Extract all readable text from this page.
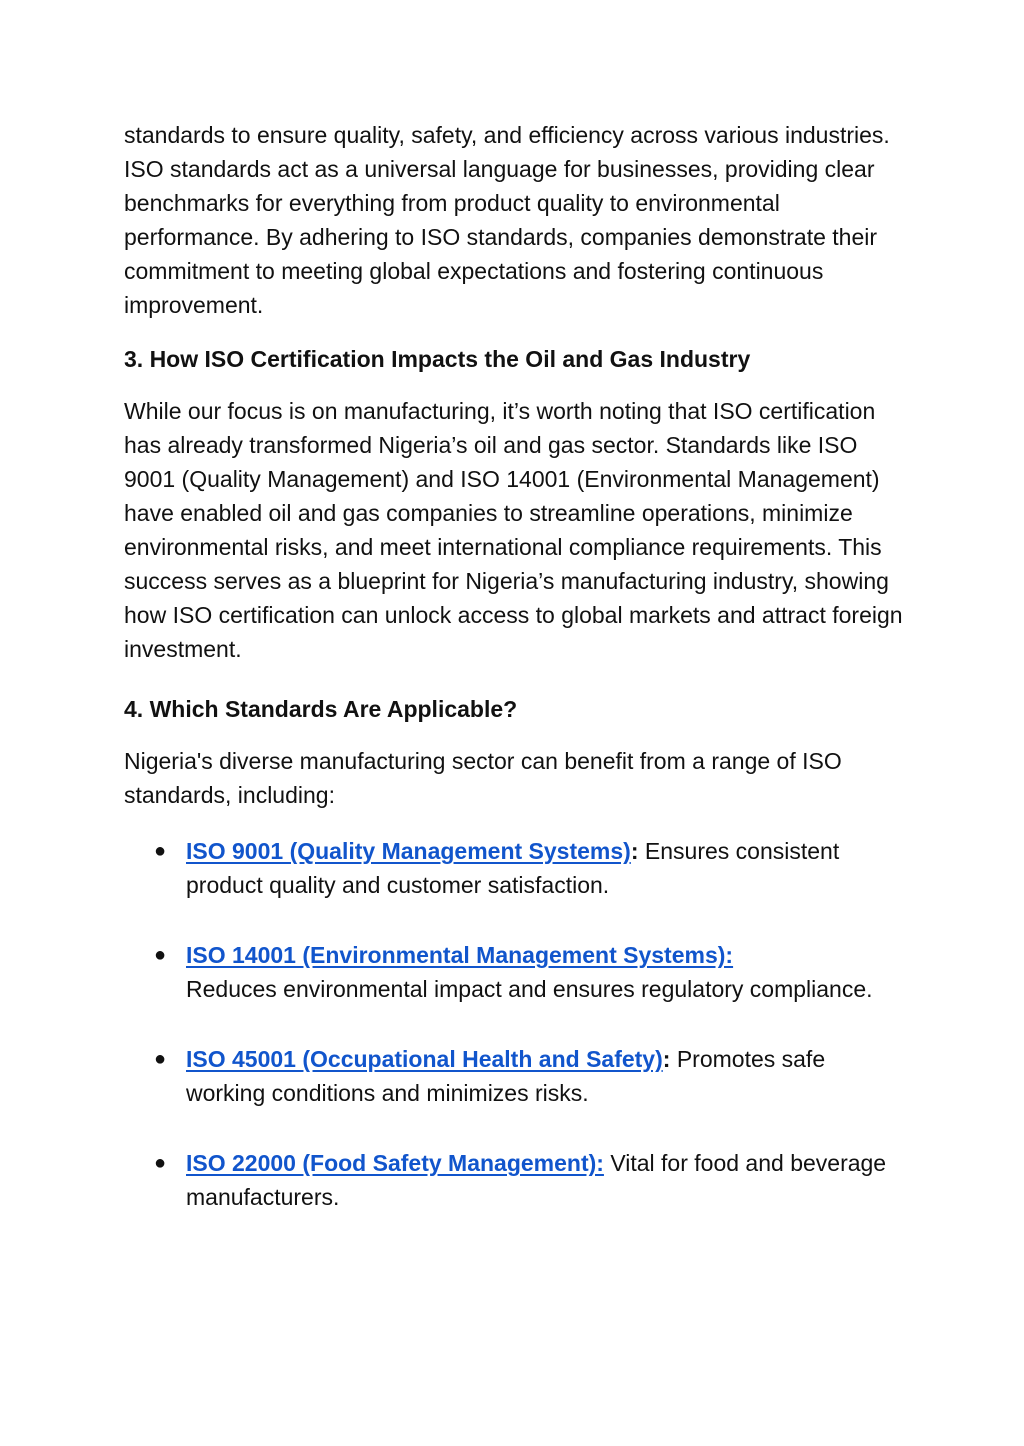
standards to ensure quality, safety, and efficiency across various industries. ISO standards act as a universal language for businesses, providing clear benchmarks for everything from product quality to environmental performance. By adhering to ISO standards, companies demonstrate their commitment to meeting global expectations and fostering continuous improvement.

3. How ISO Certification Impacts the Oil and Gas Industry

While our focus is on manufacturing, it’s worth noting that ISO certification has already transformed Nigeria’s oil and gas sector. Standards like ISO 9001 (Quality Management) and ISO 14001 (Environmental Management) have enabled oil and gas companies to streamline operations, minimize environmental risks, and meet international compliance requirements. This success serves as a blueprint for Nigeria’s manufacturing industry, showing how ISO certification can unlock access to global markets and attract foreign investment.

4. Which Standards Are Applicable?

Nigeria's diverse manufacturing sector can benefit from a range of ISO standards, including:

● ISO 9001 (Quality Management Systems): Ensures consistent product quality and customer satisfaction.
● ISO 14001 (Environmental Management Systems):
Reduces environmental impact and ensures regulatory compliance.
● ISO 45001 (Occupational Health and Safety): Promotes safe working conditions and minimizes risks.
● ISO 22000 (Food Safety Management): Vital for food and beverage manufacturers.
